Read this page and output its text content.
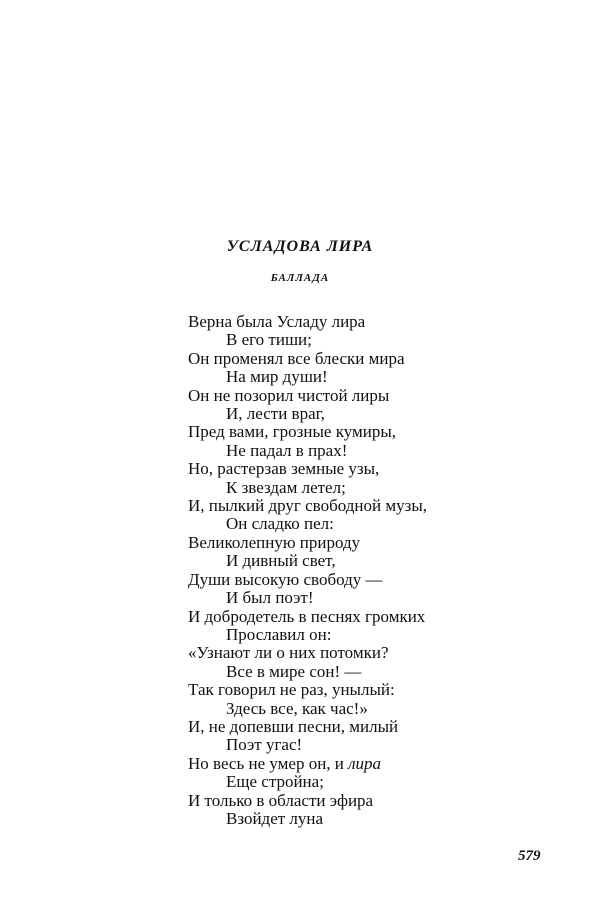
УСЛАДОВА ЛИРА
БАЛЛАДА
Верна была Усладу лира
В его тиши;
Он променял все блески мира
На мир души!
Он не позорил чистой лиры
И, лести враг,
Пред вами, грозные кумиры,
Не падал в прах!
Но, растерзав земные узы,
К звездам летел;
И, пылкий друг свободной музы,
Он сладко пел:
Великолепную природу
И дивный свет,
Души высокую свободу —
И был поэт!
И добродетель в песнях громких
Прославил он:
«Узнают ли о них потомки?
Все в мире сон! —
Так говорил не раз, унылый:
Здесь все, как час!»
И, не допевши песни, милый
Поэт угас!
Но весь не умер он, и лира
Еще стройна;
И только в области эфира
Взойдет луна

579
